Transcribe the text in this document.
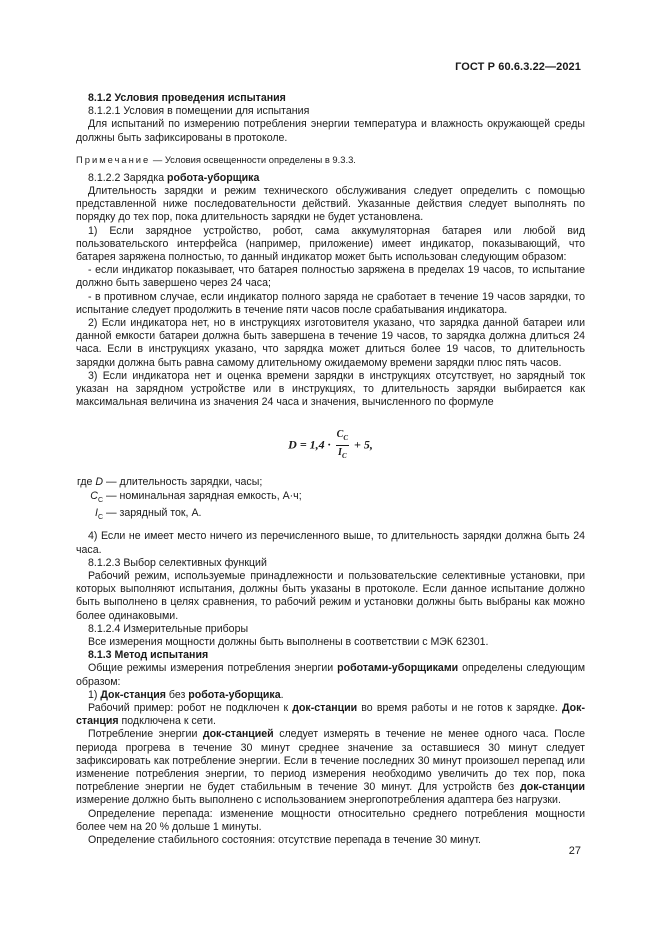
ГОСТ Р 60.6.3.22—2021

8.1.2 Условия проведения испытания

8.1.2.1 Условия в помещении для испытания

Для испытаний по измерению потребления энергии температура и влажность окружающей среды должны быть зафиксированы в протоколе.

Примечание — Условия освещенности определены в 9.3.3.

8.1.2.2 Зарядка робота-уборщика

Длительность зарядки и режим технического обслуживания следует определить с помощью представленной ниже последовательности действий. Указанные действия следует выполнять по порядку до тех пор, пока длительность зарядки не будет установлена.

1) Если зарядное устройство, робот, сама аккумуляторная батарея или любой вид пользовательского интерфейса (например, приложение) имеет индикатор, показывающий, что батарея заряжена полностью, то данный индикатор может быть использован следующим образом:

- если индикатор показывает, что батарея полностью заряжена в пределах 19 часов, то испытание должно быть завершено через 24 часа;

- в противном случае, если индикатор полного заряда не сработает в течение 19 часов зарядки, то испытание следует продолжить в течение пяти часов после срабатывания индикатора.

2) Если индикатора нет, но в инструкциях изготовителя указано, что зарядка данной батареи или данной емкости батареи должна быть завершена в течение 19 часов, то зарядка должна длиться 24 часа. Если в инструкциях указано, что зарядка может длиться более 19 часов, то длительность зарядки должна быть равна самому длительному ожидаемому времени зарядки плюс пять часов.

3) Если индикатора нет и оценка времени зарядки в инструкциях отсутствует, но зарядный ток указан на зарядном устройстве или в инструкциях, то длительность зарядки выбирается как максимальная величина из значения 24 часа и значения, вычисленного по формуле

$D = 1,4 \cdot \frac{C_C}{I_C} + 5$,
где D — длительность зарядки, часы;
$C_C$ — номинальная зарядная емкость, А·ч;
$I_C$ — зарядный ток, А.

4) Если не имеет место ничего из перечисленного выше, то длительность зарядки должна быть 24 часа.

8.1.2.3 Выбор селективных функций

Рабочий режим, используемые принадлежности и пользовательские селективные установки, при которых выполняют испытания, должны быть указаны в протоколе. Если данное испытание должно быть выполнено в целях сравнения, то рабочий режим и установки должны быть выбраны как можно более одинаковыми.

8.1.2.4 Измерительные приборы

Все измерения мощности должны быть выполнены в соответствии с МЭК 62301.

8.1.3 Метод испытания

Общие режимы измерения потребления энергии роботами-уборщиками определены следующим образом:

1) Док-станция без робота-уборщика.

Рабочий пример: робот не подключен к док-станции во время работы и не готов к зарядке. Док-станция подключена к сети.

Потребление энергии док-станцией следует измерять в течение не менее одного часа. После периода прогрева в течение 30 минут среднее значение за оставшиеся 30 минут следует зафиксировать как потребление энергии. Если в течение последних 30 минут произошел перепад или изменение потребления энергии, то период измерения необходимо увеличить до тех пор, пока потребление энергии не будет стабильным в течение 30 минут. Для устройств без док-станции измерение должно быть выполнено с использованием энергопотребления адаптера без нагрузки.

Определение перепада: изменение мощности относительно среднего потребления мощности более чем на 20 % дольше 1 минуты.

Определение стабильного состояния: отсутствие перепада в течение 30 минут.

27
